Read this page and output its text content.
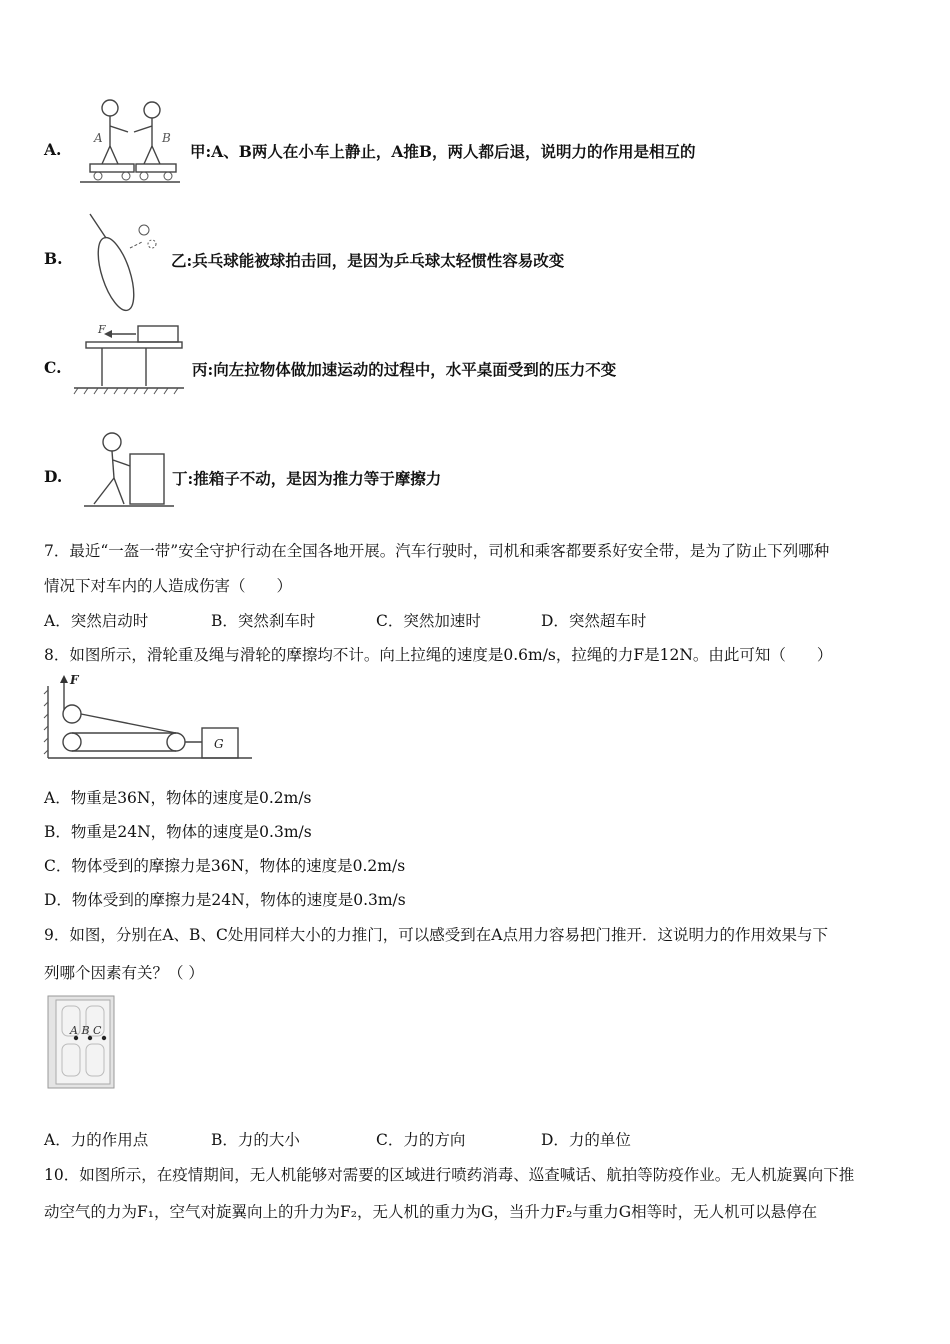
A.
A	B
甲:A、B两人在小车上静止，A推B，两人都后退，说明力的作用是相互的
B.	乙:兵乓球能被球拍击回，是因为乒乓球太轻惯性容易改变
C.
F
丙:向左拉物体做加速运动的过程中，水平桌面受到的压力不变
D.	丁:推箱子不动，是因为推力等于摩擦力
7．最近“一盔一带”安全守护行动在全国各地开展。汽车行驶时，司机和乘客都要系好安全带，是为了防止下列哪种
情况下对车内的人造成伤害（　　）
A．突然启动时	B．突然刹车时	C．突然加速时	D．突然超车时
8．如图所示，滑轮重及绳与滑轮的摩擦均不计。向上拉绳的速度是0.6m/s，拉绳的力F是12N。由此可知（　　）
F
G
A．物重是36N，物体的速度是0.2m/s
B．物重是24N，物体的速度是0.3m/s
C．物体受到的摩擦力是36N，物体的速度是0.2m/s
D．物体受到的摩擦力是24N，物体的速度是0.3m/s
9．如图，分别在A、B、C处用同样大小的力推门，可以感受到在A点用力容易把门推开．这说明力的作用效果与下
列哪个因素有关？（ ）
A B C
A．力的作用点	B．力的大小	C．力的方向	D．力的单位
10．如图所示，在疫情期间，无人机能够对需要的区域进行喷药消毒、巡查喊话、航拍等防疫作业。无人机旋翼向下推
动空气的力为F₁，空气对旋翼向上的升力为F₂，无人机的重力为G，当升力F₂与重力G相等时，无人机可以悬停在
